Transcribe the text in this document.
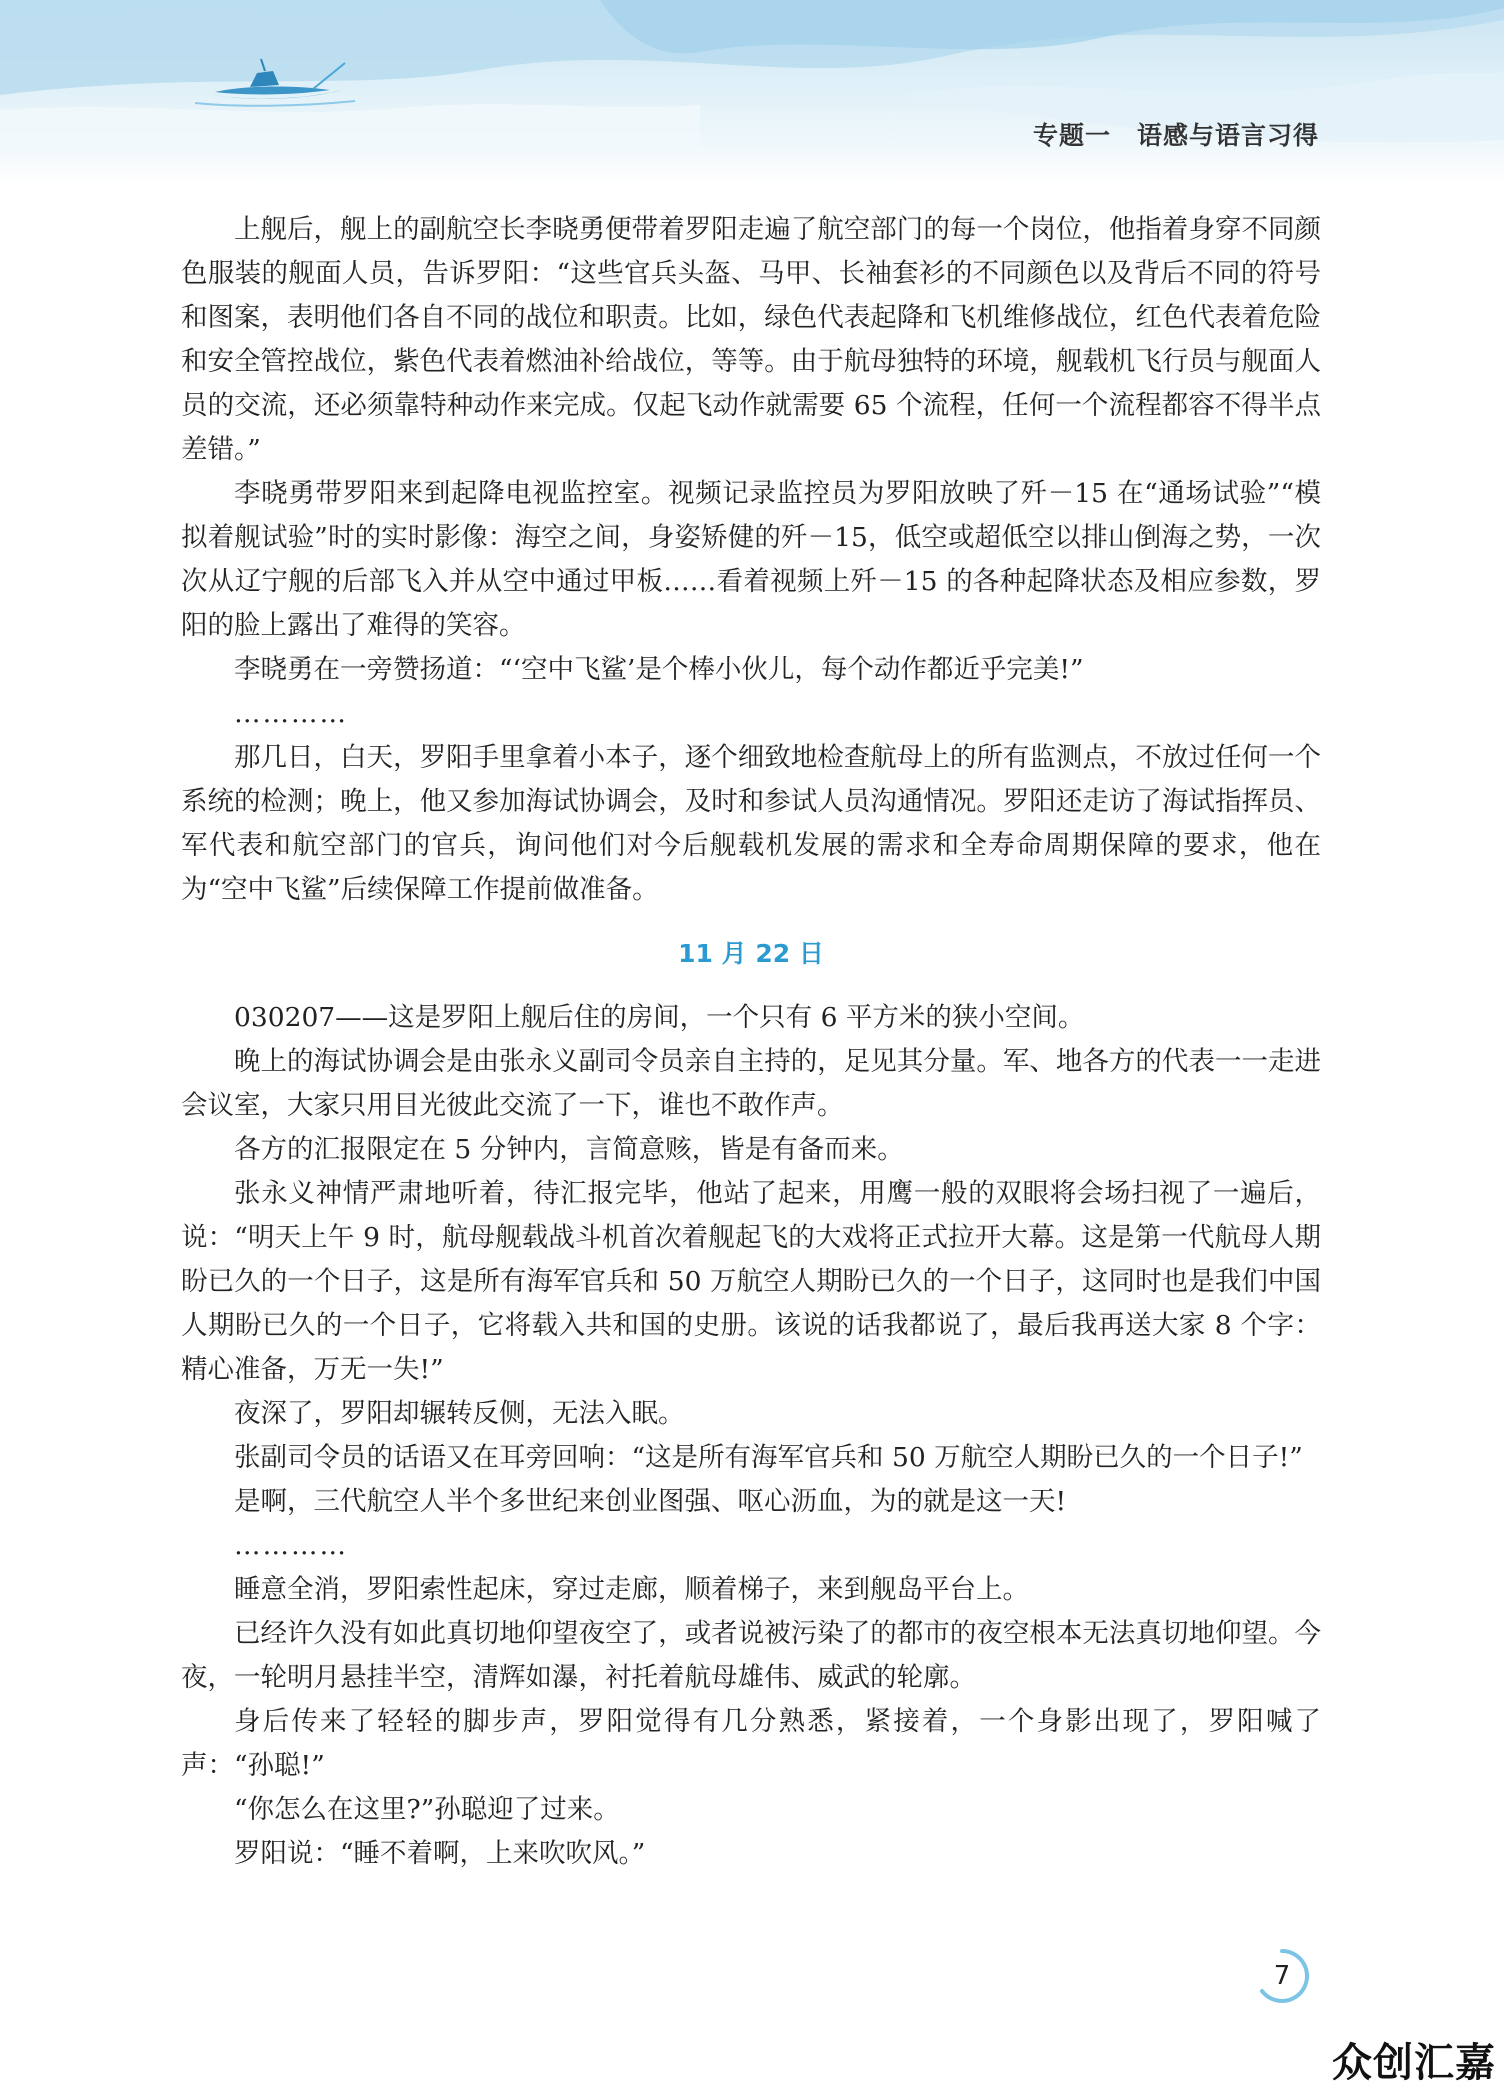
专题一　语感与语言习得

上舰后，舰上的副航空长李晓勇便带着罗阳走遍了航空部门的每一个岗位，他指着身穿不同颜色服装的舰面人员，告诉罗阳：“这些官兵头盔、马甲、长袖套衫的不同颜色以及背后不同的符号和图案，表明他们各自不同的战位和职责。比如，绿色代表起降和飞机维修战位，红色代表着危险和安全管控战位，紫色代表着燃油补给战位，等等。由于航母独特的环境，舰载机飞行员与舰面人员的交流，还必须靠特种动作来完成。仅起飞动作就需要 65 个流程，任何一个流程都容不得半点差错。”

李晓勇带罗阳来到起降电视监控室。视频记录监控员为罗阳放映了歼－15 在“通场试验”“模拟着舰试验”时的实时影像：海空之间，身姿矫健的歼－15，低空或超低空以排山倒海之势，一次次从辽宁舰的后部飞入并从空中通过甲板……看着视频上歼－15 的各种起降状态及相应参数，罗阳的脸上露出了难得的笑容。

李晓勇在一旁赞扬道：“‘空中飞鲨’是个棒小伙儿，每个动作都近乎完美!”

…………

那几日，白天，罗阳手里拿着小本子，逐个细致地检查航母上的所有监测点，不放过任何一个系统的检测；晚上，他又参加海试协调会，及时和参试人员沟通情况。罗阳还走访了海试指挥员、军代表和航空部门的官兵，询问他们对今后舰载机发展的需求和全寿命周期保障的要求，他在为“空中飞鲨”后续保障工作提前做准备。

11 月 22 日

030207——这是罗阳上舰后住的房间，一个只有 6 平方米的狭小空间。

晚上的海试协调会是由张永义副司令员亲自主持的，足见其分量。军、地各方的代表一一走进会议室，大家只用目光彼此交流了一下，谁也不敢作声。

各方的汇报限定在 5 分钟内，言简意赅，皆是有备而来。

张永义神情严肃地听着，待汇报完毕，他站了起来，用鹰一般的双眼将会场扫视了一遍后，说：“明天上午 9 时，航母舰载战斗机首次着舰起飞的大戏将正式拉开大幕。这是第一代航母人期盼已久的一个日子，这是所有海军官兵和 50 万航空人期盼已久的一个日子，这同时也是我们中国人期盼已久的一个日子，它将载入共和国的史册。该说的话我都说了，最后我再送大家 8 个字：精心准备，万无一失!”

夜深了，罗阳却辗转反侧，无法入眠。

张副司令员的话语又在耳旁回响：“这是所有海军官兵和 50 万航空人期盼已久的一个日子!”

是啊，三代航空人半个多世纪来创业图强、呕心沥血，为的就是这一天!

…………

睡意全消，罗阳索性起床，穿过走廊，顺着梯子，来到舰岛平台上。

已经许久没有如此真切地仰望夜空了，或者说被污染了的都市的夜空根本无法真切地仰望。今夜，一轮明月悬挂半空，清辉如瀑，衬托着航母雄伟、威武的轮廓。

身后传来了轻轻的脚步声，罗阳觉得有几分熟悉，紧接着，一个身影出现了，罗阳喊了声：“孙聪!”

“你怎么在这里?”孙聪迎了过来。

罗阳说：“睡不着啊，上来吹吹风。”

7
众创汇嘉
